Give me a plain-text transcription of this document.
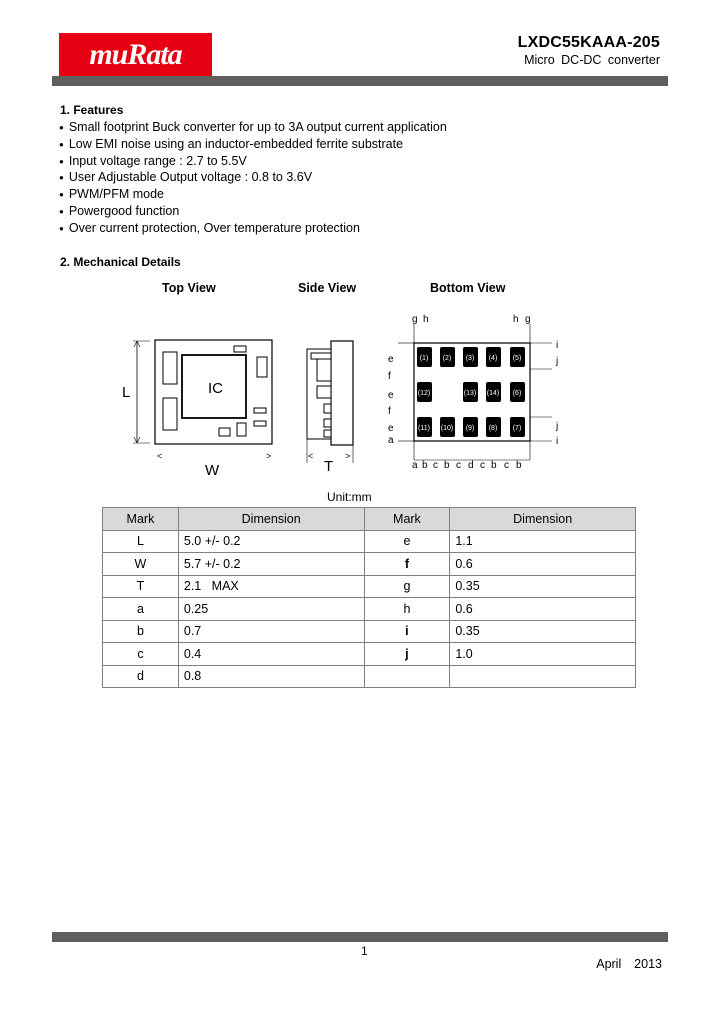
muRata	LXDC55KAAA-205
Micro DC-DC converter
1. Features
● Small footprint Buck converter for up to 3A output current application
● Low EMI noise using an inductor-embedded ferrite substrate
● Input voltage range : 2.7 to 5.5V
● User Adjustable Output voltage : 0.8 to 3.6V
● PWM/PFM mode
● Powergood function
● Over current protection, Over temperature protection
2. Mechanical Details
Top View	Side View	Bottom View
<	>
IC
L
W
<	>
T
(1) (2) (3) (4) (5)
(6)
(7)
(8)
(9)
(10)
(11)
(12)	(13) (14)
e
f
e
f
e
a
i
j
j
i
g h	h g
a b c b c d c b c b
Unit:mm
Mark	Dimension	Mark	Dimension
L	5.0 +/- 0.2	e	1.1
W	5.7 +/- 0.2	f	0.6
T	2.1   MAX	g	0.35
a	0.25	h	0.6
b	0.7	i	0.35
c	0.4	j	1.0
d	0.8		
1
April  2013
